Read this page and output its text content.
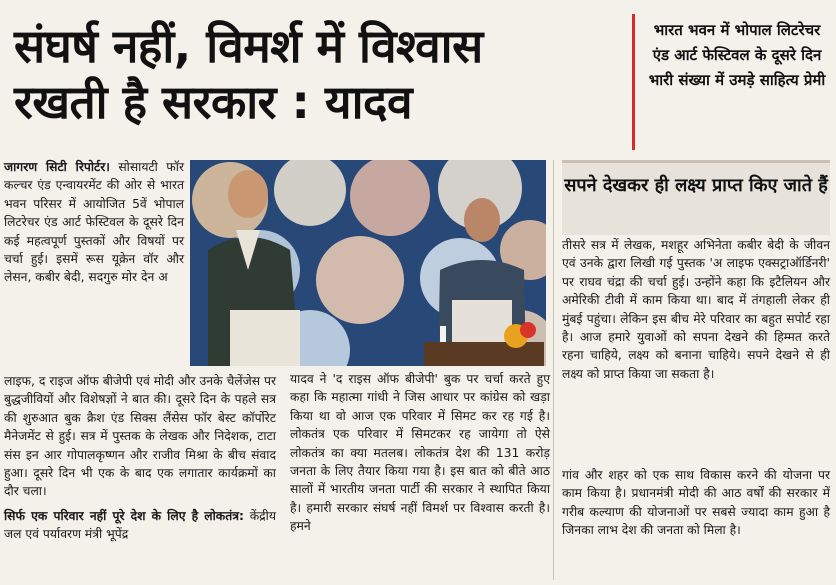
संघर्ष नहीं, विमर्श में विश्वास
रखती है सरकार : यादव
भारत भवन में भोपाल लिटरेचर एंड आर्ट फेस्टिवल के दूसरे दिन भारी संख्या में उमड़े साहित्य प्रेमी
जागरण सिटी रिपोर्टर। सोसायटी फॉर कल्चर एंड एन्वायरमेंट की ओर से भारत भवन परिसर में आयोजित 5वें भोपाल लिटरेचर एंड आर्ट फेस्टिवल के दूसरे दिन कई महत्वपूर्ण पुस्तकों और विषयों पर चर्चा हुई। इसमें रूस यूक्रेन वॉर और लेसन, कबीर बेदी, सदगुरु मोर देन अ
सपने देखकर ही लक्ष्य प्राप्त किए जाते हैं
तीसरे सत्र में लेखक, मशहूर अभिनेता कबीर बेदी के जीवन एवं उनके द्वारा लिखी गई पुस्तक 'अ लाइफ एक्सट्राऑर्डिनरी' पर राघव चंद्रा की चर्चा हुई। उन्होंने कहा कि इटैलियन और अमेरिकी टीवी में काम किया था। बाद में तंगहाली लेकर ही मुंबई पहुंचा। लेकिन इस बीच मेरे परिवार का बहुत सपोर्ट रहा है। आज हमारे युवाओं को सपना देखने की हिम्मत करते रहना चाहिये, लक्ष्य को बनाना चाहिये। सपने देखने से ही लक्ष्य को प्राप्त किया जा सकता है।
लाइफ, द राइज ऑफ बीजेपी एवं मोदी और उनके चैलेंजेस पर बुद्धजीवियों और विशेषज्ञों ने बात की। दूसरे दिन के पहले सत्र की शुरुआत बुक क्रैश एंड सिक्स लैंसेस फॉर बेस्ट कॉर्पोरेट मैनेजमेंट से हुई। सत्र में पुस्तक के लेखक और निदेशक, टाटा संस इन आर गोपालकृष्णन और राजीव मिश्रा के बीच संवाद हुआ। दूसरे दिन भी एक के बाद एक लगातार कार्यक्रमों का दौर चला।
सिर्फ एक परिवार नहीं पूरे देश के लिए है लोकतंत्र: केंद्रीय जल एवं पर्यावरण मंत्री भूपेंद्र
यादव ने 'द राइस ऑफ बीजेपी' बुक पर चर्चा करते हुए कहा कि महात्मा गांधी ने जिस आधार पर कांग्रेस को खड़ा किया था वो आज एक परिवार में सिमट कर रह गई है। लोकतंत्र एक परिवार में सिमटकर रह जायेगा तो ऐसे लोकतंत्र का क्या मतलब। लोकतंत्र देश की 131 करोड़ जनता के लिए तैयार किया गया है। इस बात को बीते आठ सालों में भारतीय जनता पार्टी की सरकार ने स्थापित किया है। हमारी सरकार संघर्ष नहीं विमर्श पर विश्वास करती है। हमने
गांव और शहर को एक साथ विकास करने की योजना पर काम किया है। प्रधानमंत्री मोदी की आठ वर्षों की सरकार में गरीब कल्याण की योजनाओं पर सबसे ज्यादा काम हुआ है जिनका लाभ देश की जनता को मिला है।
